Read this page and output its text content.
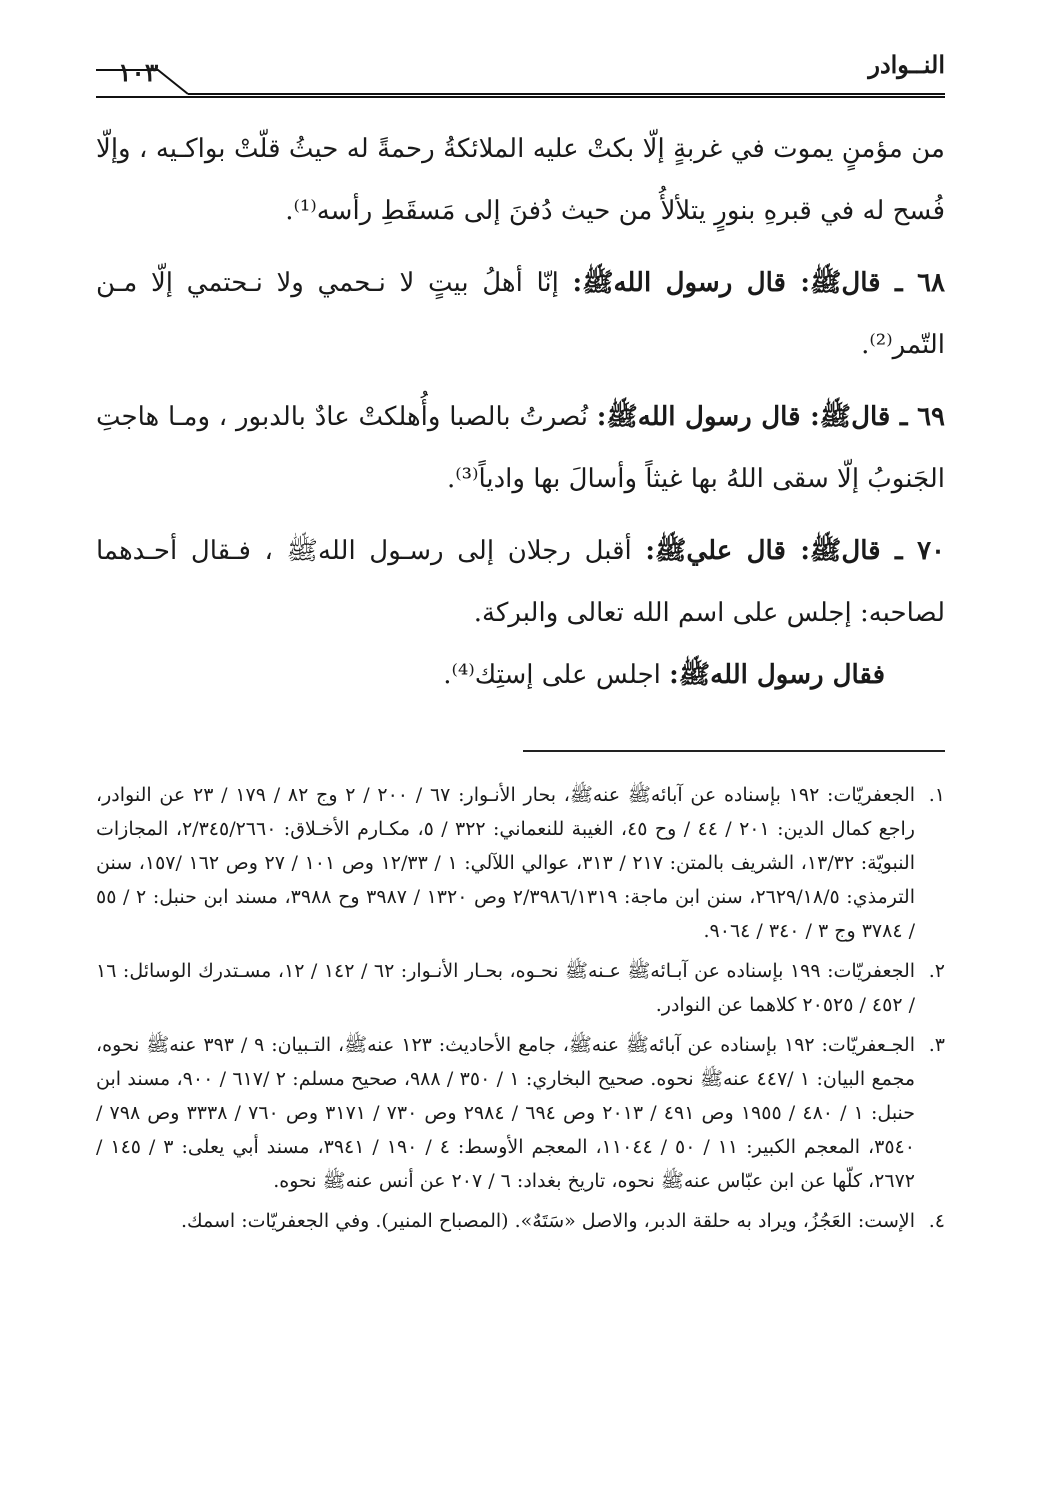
النــوادر
١٠٣

من مؤمنٍ يموت في غربةٍ إلّا بكتْ عليه الملائكةُ رحمةً له حيثُ قلّتْ بواكـيه ، وإلّا فُسح له في قبرهِ بنورٍ يتلألأُ من حيث دُفنَ إلى مَسقَطِ رأسه⁽¹⁾.

٦٨ ـ قالﷺ: قال رسول اللهﷺ: إنّا أهلُ بيتٍ لا نـحمي ولا نـحتمي إلّا مـن التّمر⁽²⁾.

٦٩ ـ قالﷺ: قال رسول اللهﷺ: نُصرتُ بالصبا وأُهلكتْ عادٌ بالدبور ، ومـا هاجتِ الجَنوبُ إلّا سقى اللهُ بها غيثاً وأسالَ بها وادياً⁽³⁾.

٧٠ ـ قالﷺ: قال عليﷺ: أقبل رجلان إلى رسـول اللهﷺ ، فـقال أحـدهما لصاحبه: إجلس على اسم الله تعالى والبركة.

فقال رسول اللهﷺ: اجلس على إستِك⁽⁴⁾.

١.
الجعفريّات: ١٩٢ بإسناده عن آبائهﷺ عنهﷺ، بحار الأنـوار: ٦٧ / ٢٠٠ / ٢ وج ٨٢ / ١٧٩ / ٢٣ عن النوادر، راجع كمال الدين: ٢٠١ / ٤٤ / وح ٤٥، الغيبة للنعماني: ٣٢٢ / ٥، مكـارم الأخـلاق: ٢/٣٤٥/٢٦٦٠، المجازات النبويّة: ١٣/٣٢، الشريف بالمتن: ٢١٧ / ٣١٣، عوالي اللآلي: ١ / ١٢/٣٣ وص ١٠١ / ٢٧ وص ١٦٢ /١٥٧، سنن الترمذي: ٢٦٢٩/١٨/٥، سنن ابن ماجة: ٢/٣٩٨٦/١٣١٩ وص ١٣٢٠ / ٣٩٨٧ وح ٣٩٨٨، مسند ابن حنبل: ٢ / ٥٥ / ٣٧٨٤ وج ٣ / ٣٤٠ / ٩٠٦٤.

٢.
الجعفريّات: ١٩٩ بإسناده عن آبـائهﷺ عـنهﷺ نحـوه، بحـار الأنـوار: ٦٢ / ١٤٢ / ١٢، مسـتدرك الوسائل: ١٦ / ٤٥٢ / ٢٠٥٢٥ كلاهما عن النوادر.

٣.
الجـعفريّات: ١٩٢ بإسناده عن آبائهﷺ عنهﷺ، جامع الأحاديث: ١٢٣ عنهﷺ، التـبيان: ٩ / ٣٩٣ عنهﷺ نحوه، مجمع البيان: ١ /٤٤٧ عنهﷺ نحوه. صحيح البخاري: ١ / ٣٥٠ / ٩٨٨، صحيح مسلم: ٢ /٦١٧ / ٩٠٠، مسند ابن حنبل: ١ / ٤٨٠ / ١٩٥٥ وص ٤٩١ / ٢٠١٣ وص ٦٩٤ / ٢٩٨٤ وص ٧٣٠ / ٣١٧١ وص ٧٦٠ / ٣٣٣٨ وص ٧٩٨ / ٣٥٤٠، المعجم الكبير: ١١ / ٥٠ / ١١٠٤٤، المعجم الأوسط: ٤ / ١٩٠ / ٣٩٤١، مسند أبي يعلى: ٣ / ١٤٥ / ٢٦٧٢، كلّها عن ابن عبّاس عنهﷺ نحوه، تاريخ بغداد: ٦ / ٢٠٧ عن أنس عنهﷺ نحوه.

٤.
الإست: العَجُزُ، ويراد به حلقة الدبر، والاصل «سَتَهٌ». (المصباح المنير). وفي الجعفريّات: اسمك.
